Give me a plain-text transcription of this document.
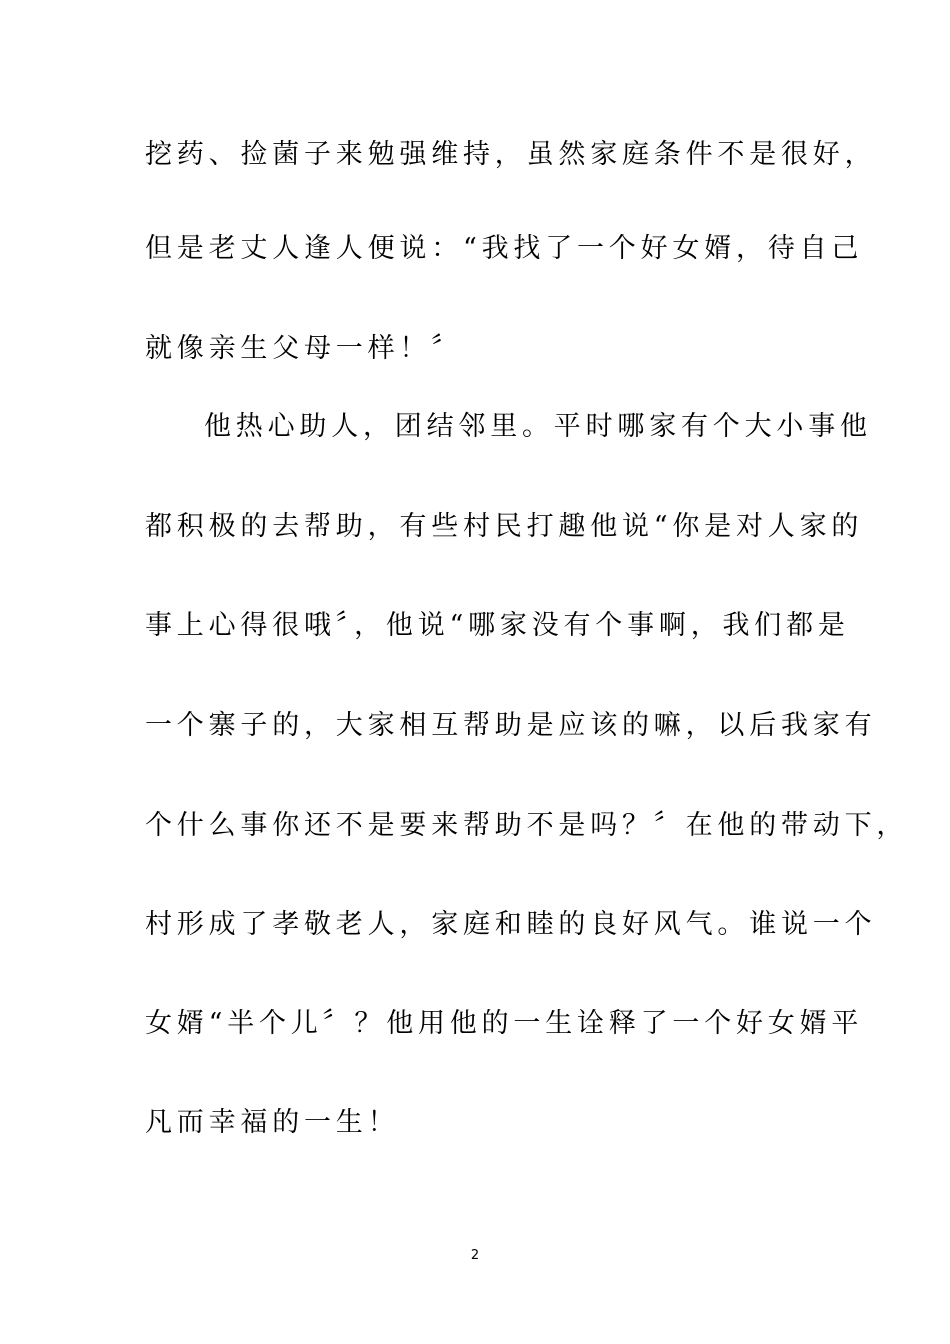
挖药、捡菌子来勉强维持，虽然家庭条件不是很好，
但是老丈人逢人便说：“我找了一个好女婿，待自己
就像亲生父母一样！〞
他热心助人，团结邻里。平时哪家有个大小事他
都积极的去帮助，有些村民打趣他说“你是对人家的
事上心得很哦〞，他说“哪家没有个事啊，我们都是
一个寨子的，大家相互帮助是应该的嘛，以后我家有
个什么事你还不是要来帮助不是吗？〞在他的带动下，
村形成了孝敬老人，家庭和睦的良好风气。谁说一个
女婿“半个儿〞？他用他的一生诠释了一个好女婿平
凡而幸福的一生！
2
